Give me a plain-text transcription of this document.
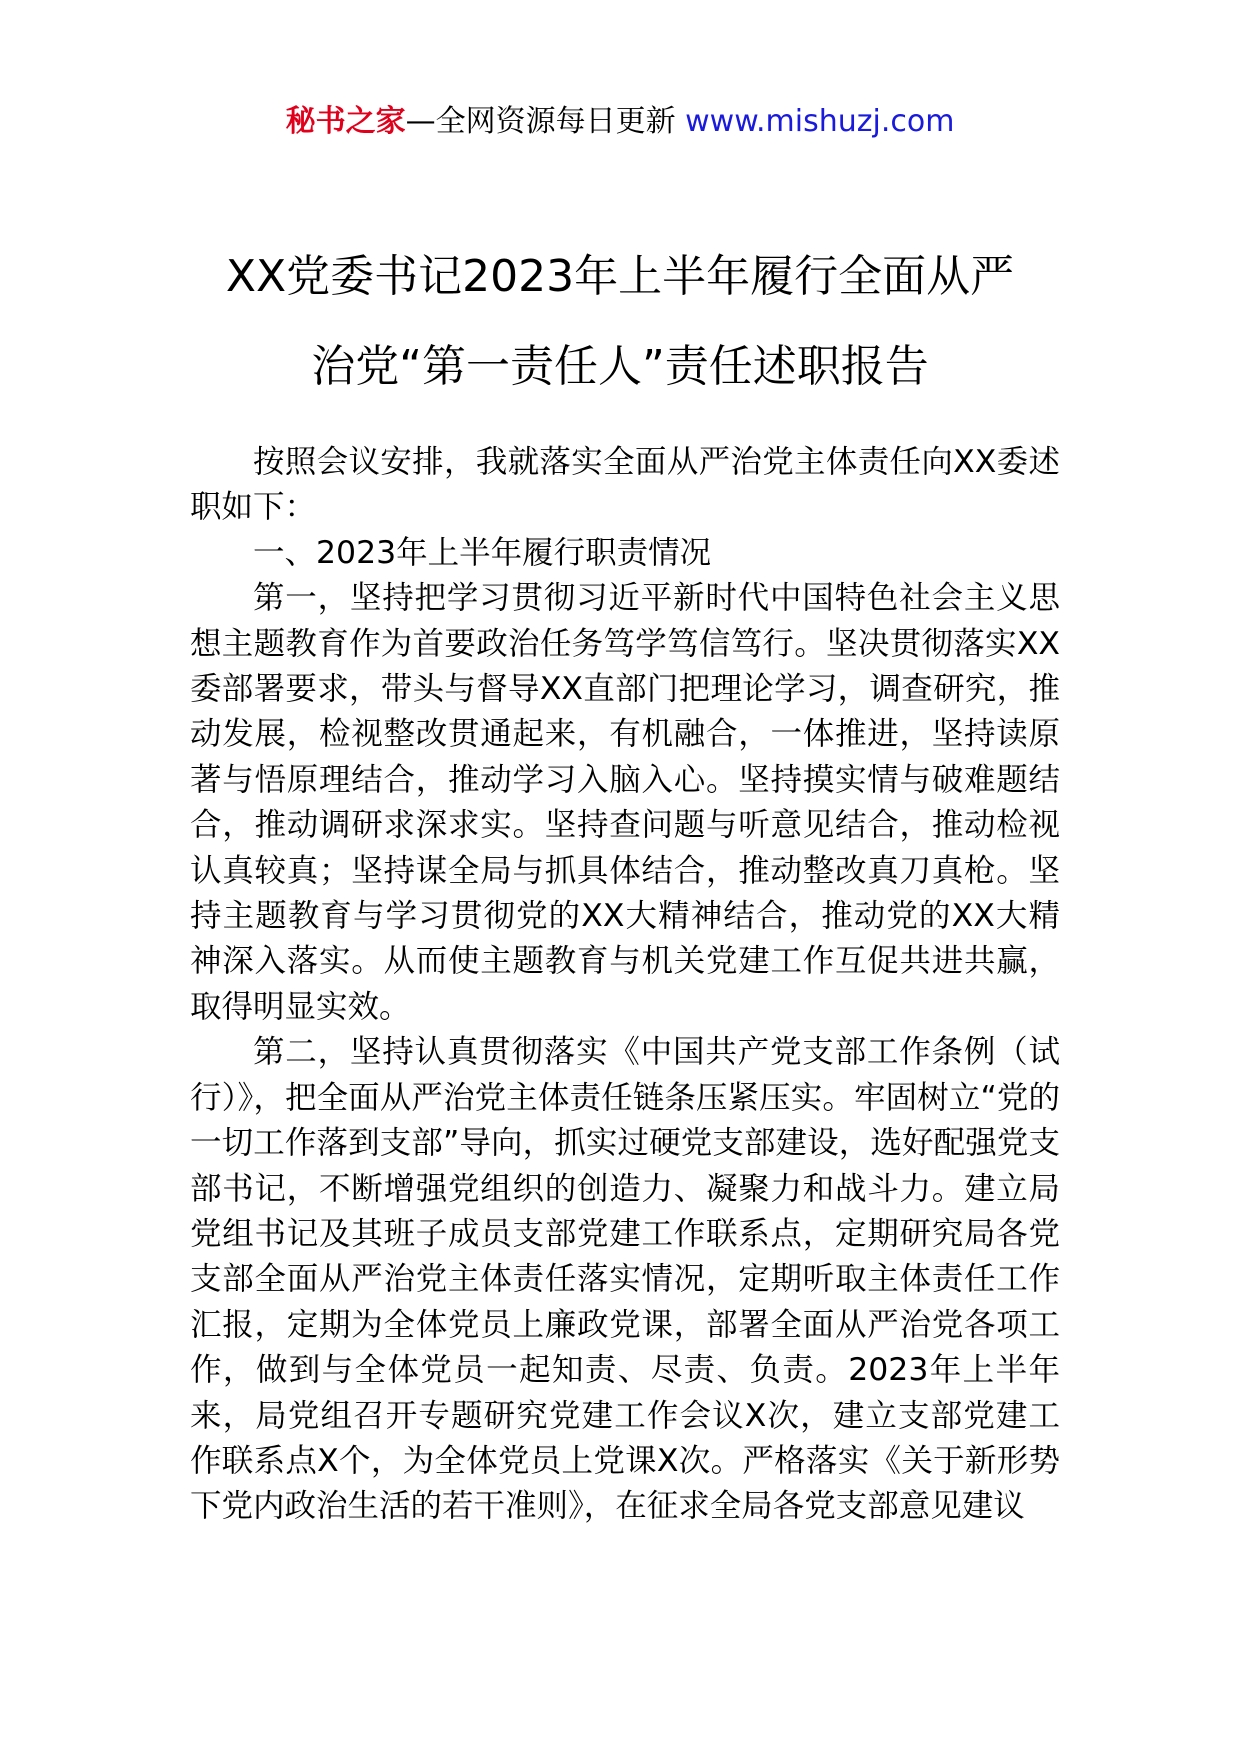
秘书之家—全网资源每日更新 www.mishuzj.com
XX党委书记2023年上半年履行全面从严
治党“第一责任人”责任述职报告

按照会议安排，我就落实全面从严治党主体责任向XX委述职如下：

一、2023年上半年履行职责情况

第一，坚持把学习贯彻习近平新时代中国特色社会主义思想主题教育作为首要政治任务笃学笃信笃行。坚决贯彻落实XX委部署要求，带头与督导XX直部门把理论学习，调查研究，推动发展，检视整改贯通起来，有机融合，一体推进，坚持读原著与悟原理结合，推动学习入脑入心。坚持摸实情与破难题结合，推动调研求深求实。坚持查问题与听意见结合，推动检视认真较真；坚持谋全局与抓具体结合，推动整改真刀真枪。坚持主题教育与学习贯彻党的XX大精神结合，推动党的XX大精神深入落实。从而使主题教育与机关党建工作互促共进共赢，取得明显实效。

第二，坚持认真贯彻落实《中国共产党支部工作条例（试行）》，把全面从严治党主体责任链条压紧压实。牢固树立“党的一切工作落到支部”导向，抓实过硬党支部建设，选好配强党支部书记，不断增强党组织的创造力、凝聚力和战斗力。建立局党组书记及其班子成员支部党建工作联系点，定期研究局各党支部全面从严治党主体责任落实情况，定期听取主体责任工作汇报，定期为全体党员上廉政党课，部署全面从严治党各项工作，做到与全体党员一起知责、尽责、负责。2023年上半年来，局党组召开专题研究党建工作会议X次，建立支部党建工作联系点X个，为全体党员上党课X次。严格落实《关于新形势下党内政治生活的若干准则》，在征求全局各党支部意见建议
